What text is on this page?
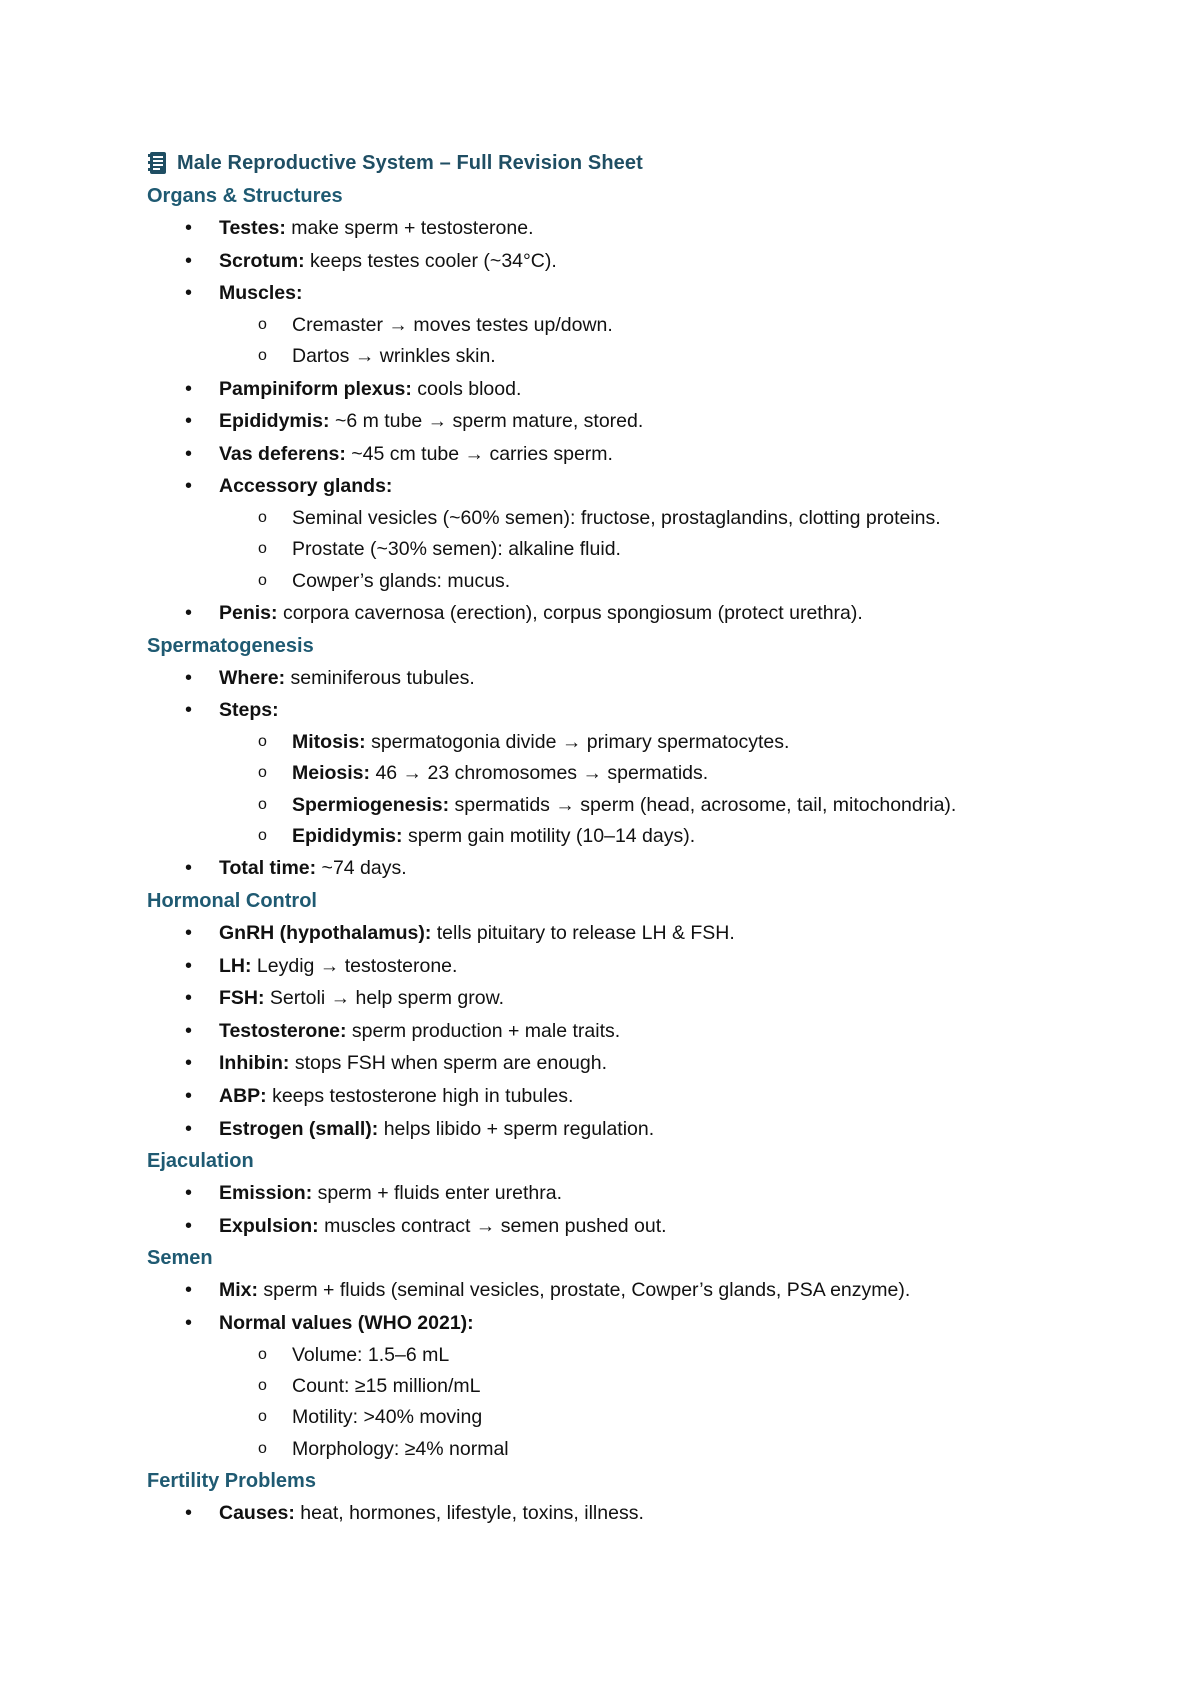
Male Reproductive System – Full Revision Sheet
Organs & Structures
• Testes: make sperm + testosterone.
• Scrotum: keeps testes cooler (~34°C).
• Muscles:
o Cremaster → moves testes up/down.
o Dartos → wrinkles skin.
• Pampiniform plexus: cools blood.
• Epididymis: ~6 m tube → sperm mature, stored.
• Vas deferens: ~45 cm tube → carries sperm.
• Accessory glands:
o Seminal vesicles (~60% semen): fructose, prostaglandins, clotting proteins.
o Prostate (~30% semen): alkaline fluid.
o Cowper’s glands: mucus.
• Penis: corpora cavernosa (erection), corpus spongiosum (protect urethra).
Spermatogenesis
• Where: seminiferous tubules.
• Steps:
o Mitosis: spermatogonia divide → primary spermatocytes.
o Meiosis: 46 → 23 chromosomes → spermatids.
o Spermiogenesis: spermatids → sperm (head, acrosome, tail, mitochondria).
o Epididymis: sperm gain motility (10–14 days).
• Total time: ~74 days.
Hormonal Control
• GnRH (hypothalamus): tells pituitary to release LH & FSH.
• LH: Leydig → testosterone.
• FSH: Sertoli → help sperm grow.
• Testosterone: sperm production + male traits.
• Inhibin: stops FSH when sperm are enough.
• ABP: keeps testosterone high in tubules.
• Estrogen (small): helps libido + sperm regulation.
Ejaculation
• Emission: sperm + fluids enter urethra.
• Expulsion: muscles contract → semen pushed out.
Semen
• Mix: sperm + fluids (seminal vesicles, prostate, Cowper’s glands, PSA enzyme).
• Normal values (WHO 2021):
o Volume: 1.5–6 mL
o Count: ≥15 million/mL
o Motility: >40% moving
o Morphology: ≥4% normal
Fertility Problems
• Causes: heat, hormones, lifestyle, toxins, illness.
